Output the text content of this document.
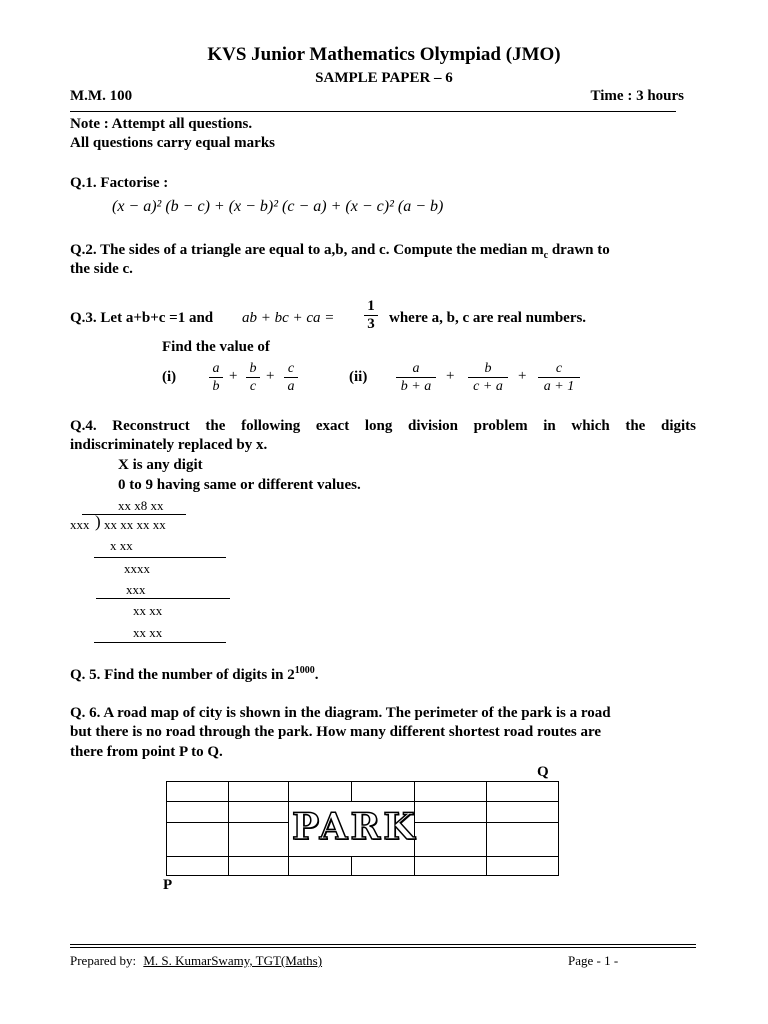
KVS Junior Mathematics Olympiad (JMO)
SAMPLE PAPER – 6
M.M. 100	Time : 3 hours
Note : Attempt all questions.
All questions carry equal marks
Q.1. Factorise :
(x − a)² (b − c) + (x − b)² (c − a) + (x − c)² (a − b)
Q.2. The sides of a triangle are equal to a,b, and c. Compute the median $m_c$ drawn to
the side c.
Q.3. Let a+b+c =1 and ab + bc + ca =
1
3 where a, b, c are real numbers.
Find the value of
(i)
a
b
+ b
c
+ c
a
(ii)
a
b + a
+	b
c + a
+	c
a + 1
Q.4. Reconstruct the following exact long division problem in which the digits
indiscriminately replaced by x.
X is any digit
0 to 9 having same or different values.
xx x8 xx
xxx ) xx xx xx xx
x xx
xxxx
xxx
xx xx
xx xx
Q. 5. Find the number of digits in $2^{1000}$.
Q. 6. A road map of city is shown in the diagram. The perimeter of the park is a road
but there is no road through the park. How many different shortest road routes are
there from point P to Q.
Q
PARK
P
Prepared by: M. S. KumarSwamy, TGT(Maths)	Page - 1 -
